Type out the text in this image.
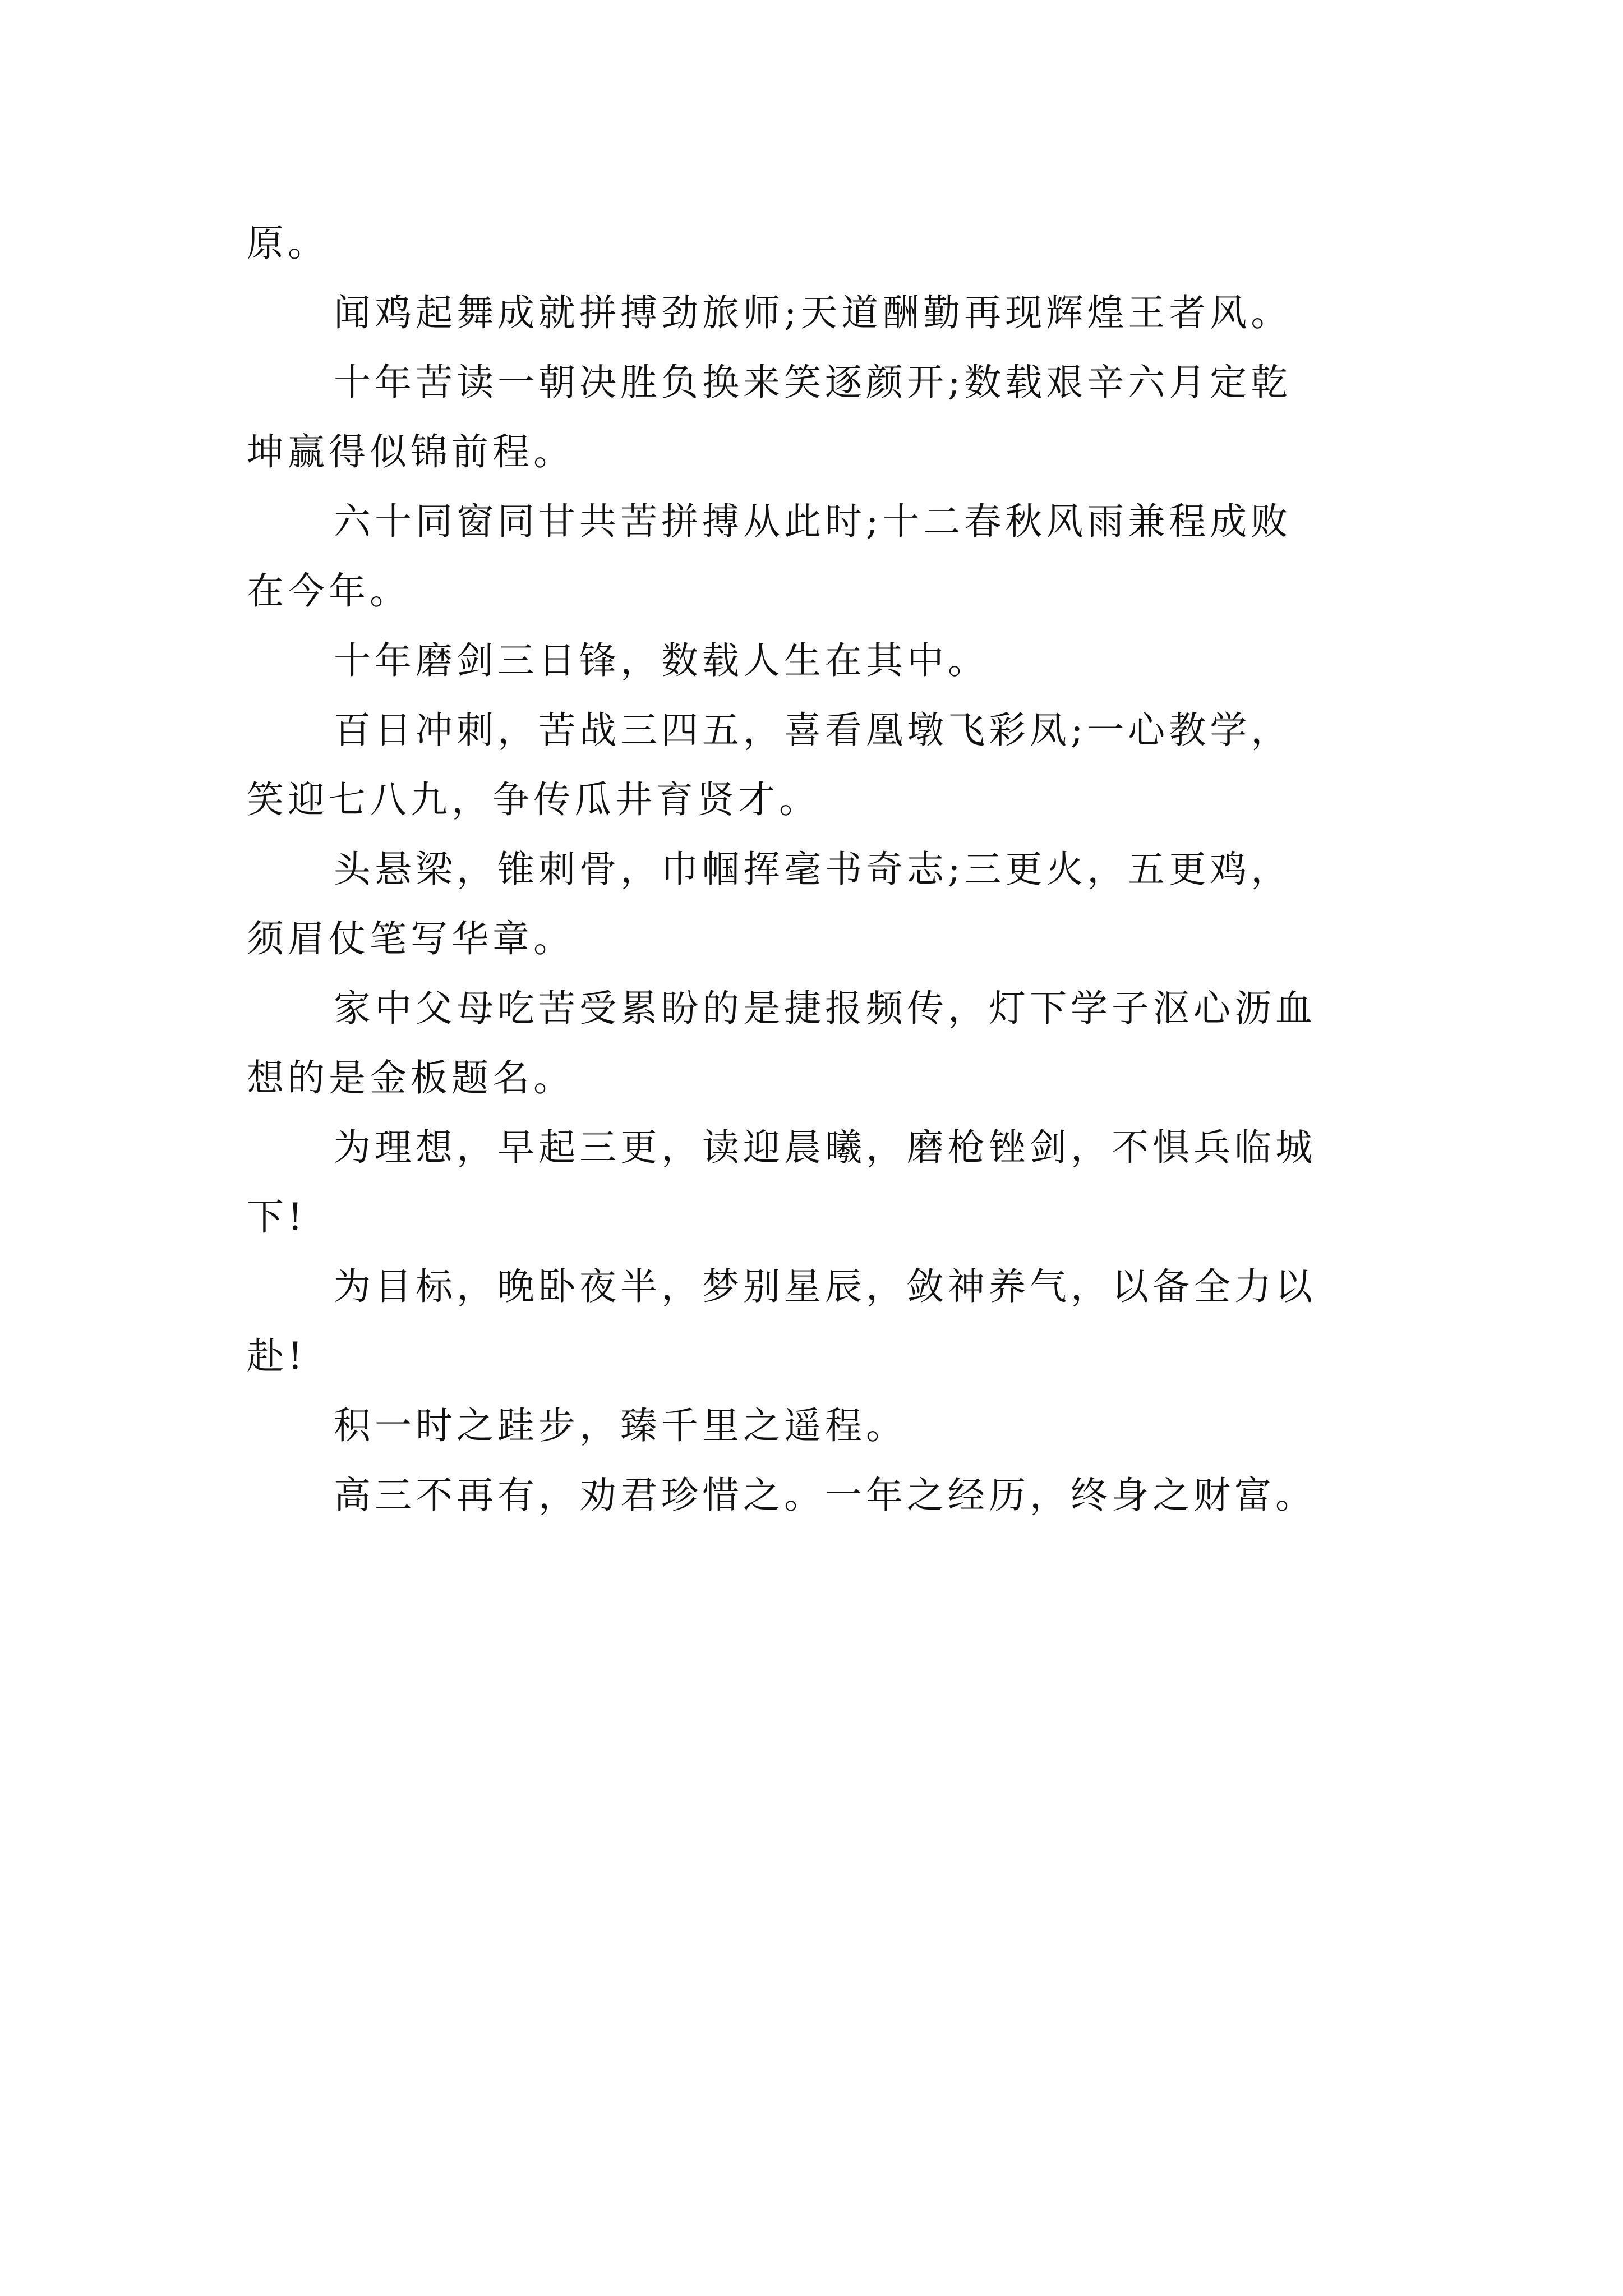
原。

闻鸡起舞成就拼搏劲旅师;天道酬勤再现辉煌王者风。

十年苦读一朝决胜负换来笑逐颜开;数载艰辛六月定乾
坤赢得似锦前程。

六十同窗同甘共苦拼搏从此时;十二春秋风雨兼程成败
在今年。

十年磨剑三日锋，数载人生在其中。

百日冲刺，苦战三四五，喜看凰墩飞彩凤;一心教学，
笑迎七八九，争传瓜井育贤才。

头悬梁，锥刺骨，巾帼挥毫书奇志;三更火，五更鸡，
须眉仗笔写华章。

家中父母吃苦受累盼的是捷报频传，灯下学子沤心沥血
想的是金板题名。

为理想，早起三更，读迎晨曦，磨枪锉剑，不惧兵临城
下!

为目标，晚卧夜半，梦别星辰，敛神养气，以备全力以
赴!

积一时之跬步，臻千里之遥程。

高三不再有，劝君珍惜之。一年之经历，终身之财富。
